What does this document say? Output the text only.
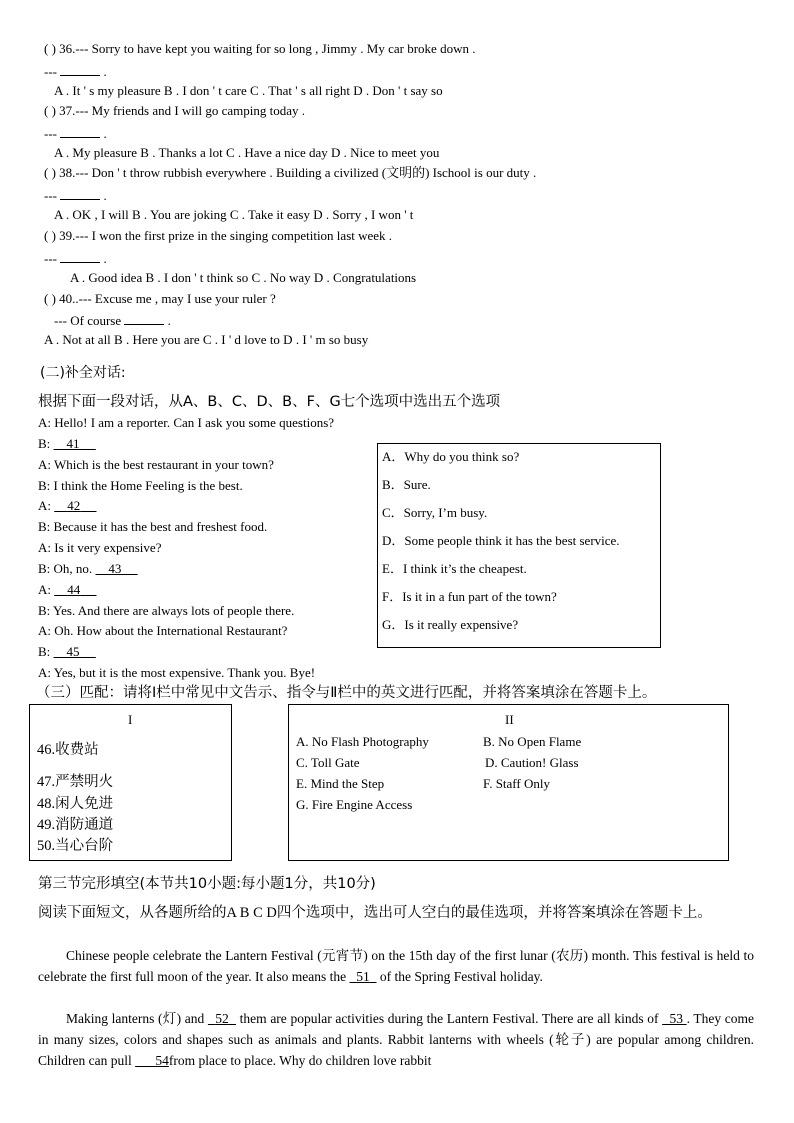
( ) 36.--- Sorry to have kept you waiting for so long , Jimmy . My car broke down .
---	.
A . It ' s my pleasure B . I don ' t care C . That ' s all right D . Don ' t say so
( ) 37.--- My friends and I will go camping today .
---	.
A . My pleasure B . Thanks a lot C . Have a nice day D . Nice to meet you
( ) 38.--- Don ' t throw rubbish everywhere . Building a civilized (文明的) Ischool is our duty .
---	.
A . OK , I will B . You are joking C . Take it easy D . Sorry , I won ' t
( ) 39.--- I won the first prize in the singing competition last week .
---	.
A . Good idea B . I don ' t think so C . No way D . Congratulations
( ) 40..--- Excuse me , may I use your ruler ?
--- Of course	.
A . Not at all B . Here you are C . I ' d love to D . I ' m so busy
(二)补全对话:
根据下面一段对话，从A、B、C、D、B、F、G七个选项中选出五个选项
A: Hello! I am a reporter. Can I ask you some questions?
B: 41
A: Which is the best restaurant in your town?
B: I think the Home Feeling is the best.
A: 42
B: Because it has the best and freshest food.
A: Is it very expensive?
B: Oh, no. 43
A: 44
B: Yes. And there are always lots of people there.
A: Oh. How about the International Restaurant?
B: 45
A: Yes, but it is the most expensive. Thank you. Bye!
A．Why do you think so?
B．Sure.
C．Sorry, I’m busy.
D．Some people think it has the best service.
E．I think it’s the cheapest.
F．Is it in a fun part of the town?
G．Is it really expensive?
（三）匹配：请将Ⅰ栏中常见中文告示、指令与Ⅱ栏中的英文进行匹配，并将答案填涂在答题卡上。
I
46.收费站
47.严禁明火
48.闲人免进
49.消防通道
50.当心台阶
II
A. No Flash Photography	B. No Open Flame
C. Toll Gate	D. Caution! Glass
E. Mind the Step	F. Staff Only
G. Fire Engine Access
第三节完形填空(本节共10小题:每小题1分，共10分)
阅读下面短文，从各题所给的A B C D四个选项中，选出可人空白的最佳选项，并将答案填涂在答题卡上。
Chinese people celebrate the Lantern Festival (元宵节) on the 15th day of the first lunar (农历) month. This festival is held to celebrate the first full moon of the year. It also means the 51 of the Spring Festival holiday.
Making lanterns (灯) and 52 them are popular activities during the Lantern Festival. There are all kinds of 53 . They come in many sizes, colors and shapes such as animals and plants. Rabbit lanterns with wheels (轮子) are popular among children. Children can pull 54from place to place. Why do children love rabbit
